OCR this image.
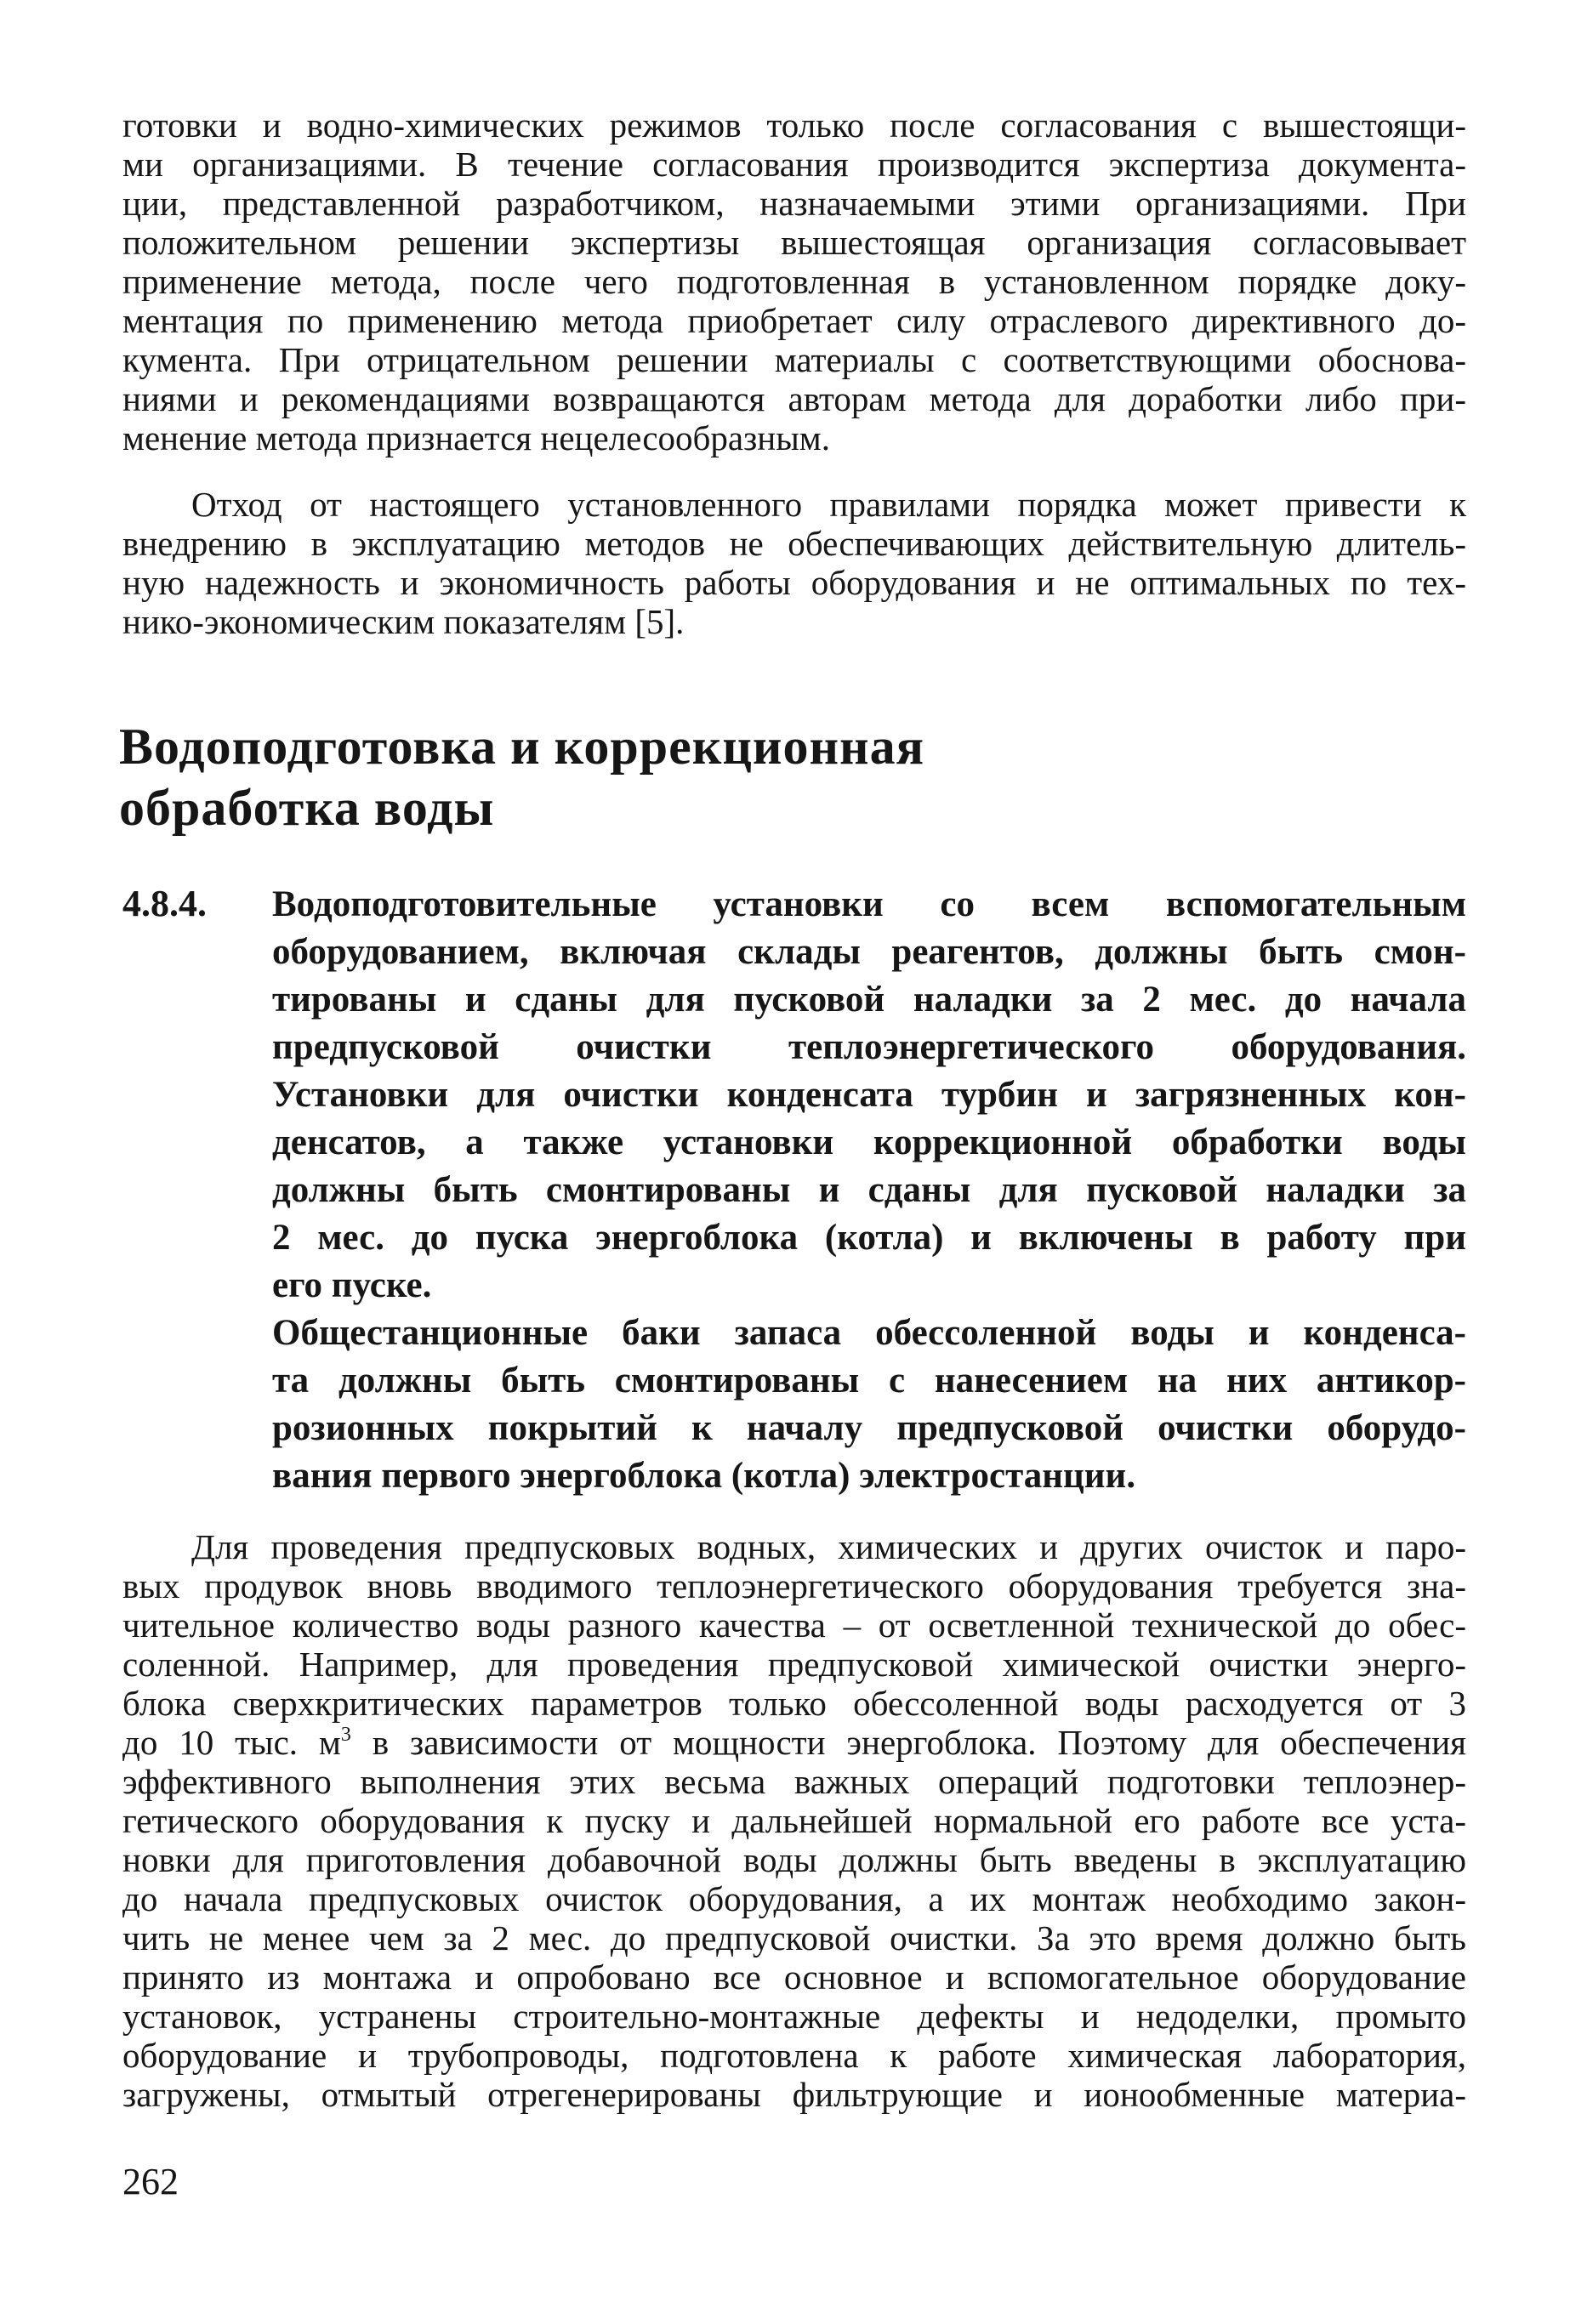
готовки и водно-химических режимов только после согласования с вышестоящи-
ми организациями. В течение согласования производится экспертиза документа-
ции, представленной разработчиком, назначаемыми этими организациями. При
положительном решении экспертизы вышестоящая организация согласовывает
применение метода, после чего подготовленная в установленном порядке доку-
ментация по применению метода приобретает силу отраслевого директивного до-
кумента. При отрицательном решении материалы с соответствующими обоснова-
ниями и рекомендациями возвращаются авторам метода для доработки либо при-
менение метода признается нецелесообразным.
Отход от настоящего установленного правилами порядка может привести к
внедрению в эксплуатацию методов не обеспечивающих действительную длитель-
ную надежность и экономичность работы оборудования и не оптимальных по тех-
нико-экономическим показателям [5].
Водоподготовка и коррекционная
обработка воды
4.8.4. Водоподготовительные установки со всем вспомогательным
оборудованием, включая склады реагентов, должны быть смон-
тированы и сданы для пусковой наладки за 2 мес. до начала
предпусковой очистки теплоэнергетического оборудования.
Установки для очистки конденсата турбин и загрязненных кон-
денсатов, а также установки коррекционной обработки воды
должны быть смонтированы и сданы для пусковой наладки за
2 мес. до пуска энергоблока (котла) и включены в работу при
его пуске.
Общестанционные баки запаса обессоленной воды и конденса-
та должны быть смонтированы с нанесением на них антикор-
розионных покрытий к началу предпусковой очистки оборудо-
вания первого энергоблока (котла) электростанции.
Для проведения предпусковых водных, химических и других очисток и паро-
вых продувок вновь вводимого теплоэнергетического оборудования требуется зна-
чительное количество воды разного качества – от осветленной технической до обес-
соленной. Например, для проведения предпусковой химической очистки энерго-
блока сверхкритических параметров только обессоленной воды расходуется от 3
до 10 тыс. $м^3$ в зависимости от мощности энергоблока. Поэтому для обеспечения
эффективного выполнения этих весьма важных операций подготовки теплоэнер-
гетического оборудования к пуску и дальнейшей нормальной его работе все уста-
новки для приготовления добавочной воды должны быть введены в эксплуатацию
до начала предпусковых очисток оборудования, а их монтаж необходимо закон-
чить не менее чем за 2 мес. до предпусковой очистки. За это время должно быть
принято из монтажа и опробовано все основное и вспомогательное оборудование
установок, устранены строительно-монтажные дефекты и недоделки, промыто
оборудование и трубопроводы, подготовлена к работе химическая лаборатория,
загружены, отмытый отрегенерированы фильтрующие и ионообменные материа-
262
